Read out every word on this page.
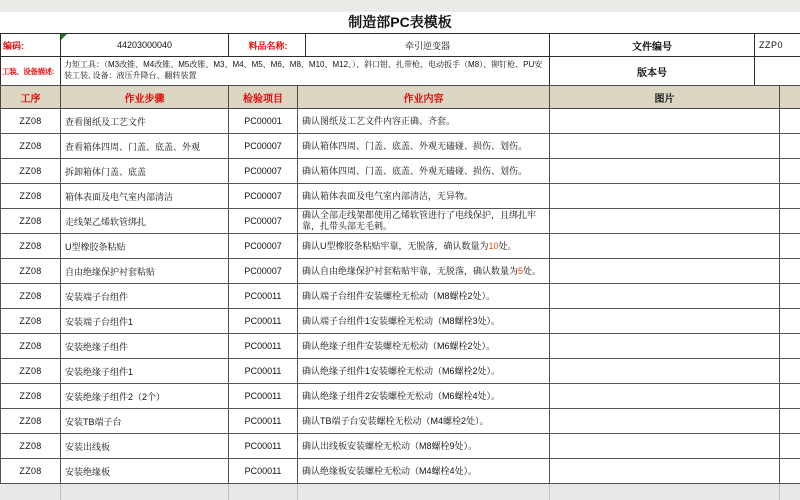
制造部PC表模板
编码:	44203000040	料品名称:	牵引逆变器	文件编号	ZZP0
工装、设备描述:	力矩工具：（M3改锥、M4改锥、M5改锥、M3、M4、M5、M6、M8、M10、M12、）、斜口钳、扎带枪、电动扳手（M8）、铆钉枪、PU安装工装, 设备：液压升降台、翻转装置			版本号	
工序	作业步骤	检验项目	作业内容	图片	
ZZ08	查看图纸及工艺文件	PC00001	确认图纸及工艺文件内容正确、齐套。		
ZZ08	查看箱体四周、门盖、底盖、外观	PC00007	确认箱体四周、门盖、底盖、外观无磕碰、损伤、划伤。		
ZZ08	拆卸箱体门盖、底盖	PC00007	确认箱体四周、门盖、底盖、外观无磕碰、损伤、划伤。		
ZZ08	箱体表面及电气室内部清洁	PC00007	确认箱体表面及电气室内部清洁，无异物。		
ZZ08	走线架乙烯软管绑扎	PC00007	确认全部走线架都使用乙烯软管进行了电线保护，且绑扎牢靠，扎带头部无毛刺。		
ZZ08	U型橡胶条粘贴	PC00007	确认U型橡胶条粘贴牢靠，无脱落，确认数量为10处。		
ZZ08	自由绝缘保护衬套粘贴	PC00007	确认自由绝缘保护衬套粘贴牢靠，无脱落，确认数量为5处。		
ZZ08	安装端子台组件	PC00011	确认端子台组件安装螺栓无松动（M8螺栓2处）。		
ZZ08	安装端子台组件1	PC00011	确认端子台组件1安装螺栓无松动（M8螺栓3处）。		
ZZ08	安装绝缘子组件	PC00011	确认绝缘子组件安装螺栓无松动（M6螺栓2处）。		
ZZ08	安装绝缘子组件1	PC00011	确认绝缘子组件1安装螺栓无松动（M6螺栓2处）。		
ZZ08	安装绝缘子组件2（2个）	PC00011	确认绝缘子组件2安装螺栓无松动（M6螺栓4处）。		
ZZ08	安装TB端子台	PC00011	确认TB端子台安装螺栓无松动（M4螺栓2处）。		
ZZ08	安装出线板	PC00011	确认出线板安装螺栓无松动（M8螺栓9处）。		
ZZ08	安装绝缘板	PC00011	确认绝缘板安装螺栓无松动（M4螺栓4处）。		
